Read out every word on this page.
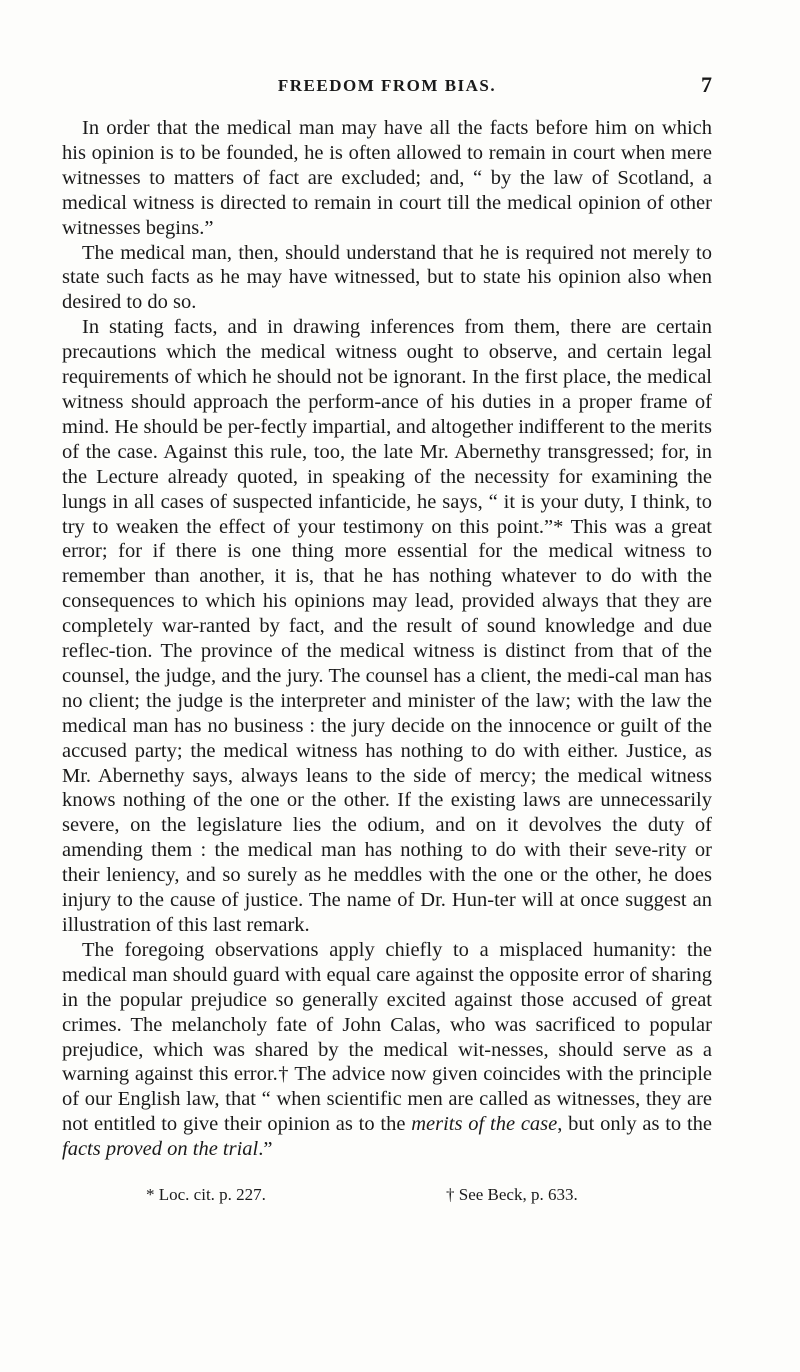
FREEDOM FROM BIAS.	7

In order that the medical man may have all the facts before him on which his opinion is to be founded, he is often allowed to remain in court when mere witnesses to matters of fact are excluded; and, “ by the law of Scotland, a medical witness is directed to remain in court till the medical opinion of other witnesses begins.”

The medical man, then, should understand that he is required not merely to state such facts as he may have witnessed, but to state his opinion also when desired to do so.

In stating facts, and in drawing inferences from them, there are certain precautions which the medical witness ought to observe, and certain legal requirements of which he should not be ignorant. In the first place, the medical witness should approach the perform-ance of his duties in a proper frame of mind. He should be per-fectly impartial, and altogether indifferent to the merits of the case. Against this rule, too, the late Mr. Abernethy transgressed; for, in the Lecture already quoted, in speaking of the necessity for examining the lungs in all cases of suspected infanticide, he says, “ it is your duty, I think, to try to weaken the effect of your testimony on this point.”* This was a great error; for if there is one thing more essential for the medical witness to remember than another, it is, that he has nothing whatever to do with the consequences to which his opinions may lead, provided always that they are completely war-ranted by fact, and the result of sound knowledge and due reflec-tion. The province of the medical witness is distinct from that of the counsel, the judge, and the jury. The counsel has a client, the medi-cal man has no client; the judge is the interpreter and minister of the law; with the law the medical man has no business : the jury decide on the innocence or guilt of the accused party; the medical witness has nothing to do with either. Justice, as Mr. Abernethy says, always leans to the side of mercy; the medical witness knows nothing of the one or the other. If the existing laws are unnecessarily severe, on the legislature lies the odium, and on it devolves the duty of amending them : the medical man has nothing to do with their seve-rity or their leniency, and so surely as he meddles with the one or the other, he does injury to the cause of justice. The name of Dr. Hun-ter will at once suggest an illustration of this last remark.

The foregoing observations apply chiefly to a misplaced humanity: the medical man should guard with equal care against the opposite error of sharing in the popular prejudice so generally excited against those accused of great crimes. The melancholy fate of John Calas, who was sacrificed to popular prejudice, which was shared by the medical wit-nesses, should serve as a warning against this error.† The advice now given coincides with the principle of our English law, that “ when scientific men are called as witnesses, they are not entitled to give their opinion as to the merits of the case, but only as to the facts proved on the trial.”

* Loc. cit. p. 227.	† See Beck, p. 633.
